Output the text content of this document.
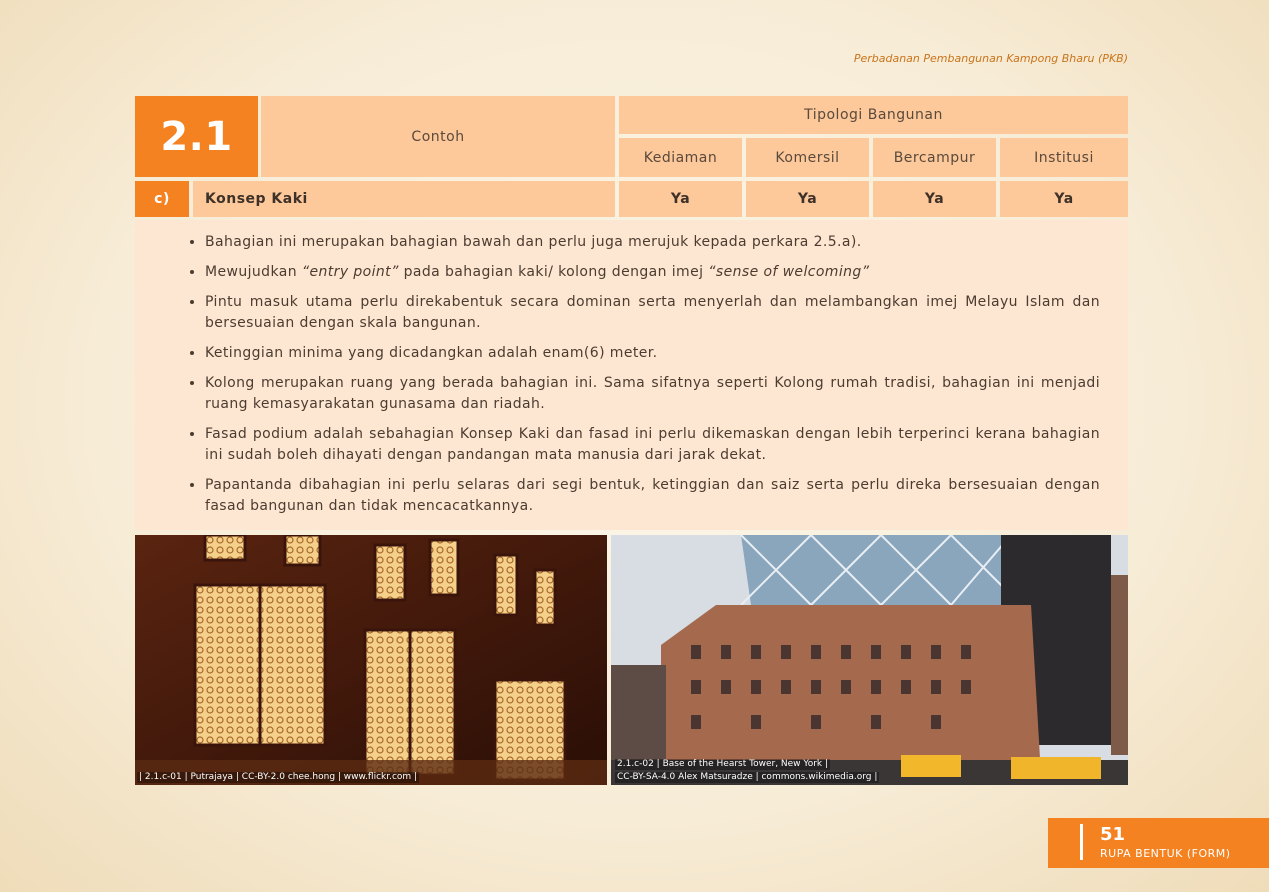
Perbadanan Pembangunan Kampong Bharu (PKB)
2.1	Contoh
Tipologi Bangunan
Kediaman	Komersil	Bercampur	Institusi
c)	Konsep Kaki	Ya	Ya	Ya	Ya
• Bahagian ini merupakan bahagian bawah dan perlu juga merujuk kepada perkara 2.5.a).
• Mewujudkan “entry point” pada bahagian kaki/ kolong dengan imej “sense of welcoming”
• Pintu masuk utama perlu direkabentuk secara dominan serta menyerlah dan melambangkan imej Melayu Islam dan bersesuaian dengan skala bangunan.
• Ketinggian minima yang dicadangkan adalah enam(6) meter.
• Kolong merupakan ruang yang berada bahagian ini. Sama sifatnya seperti Kolong rumah tradisi, bahagian ini menjadi ruang kemasyarakatan gunasama dan riadah.
• Fasad podium adalah sebahagian Konsep Kaki dan fasad ini perlu dikemaskan dengan lebih terperinci kerana bahagian ini sudah boleh dihayati dengan pandangan mata manusia dari jarak dekat.
• Papantanda dibahagian ini perlu selaras dari segi bentuk, ketinggian dan saiz serta perlu direka bersesuaian dengan fasad bangunan dan tidak mencacatkannya.
| 2.1.c-01 | Putrajaya | CC-BY-2.0 chee.hong | www.flickr.com |
2.1.c-02 | Base of the Hearst Tower, New York |
CC-BY-SA-4.0 Alex Matsuradze | commons.wikimedia.org |
51
RUPA BENTUK (FORM)
